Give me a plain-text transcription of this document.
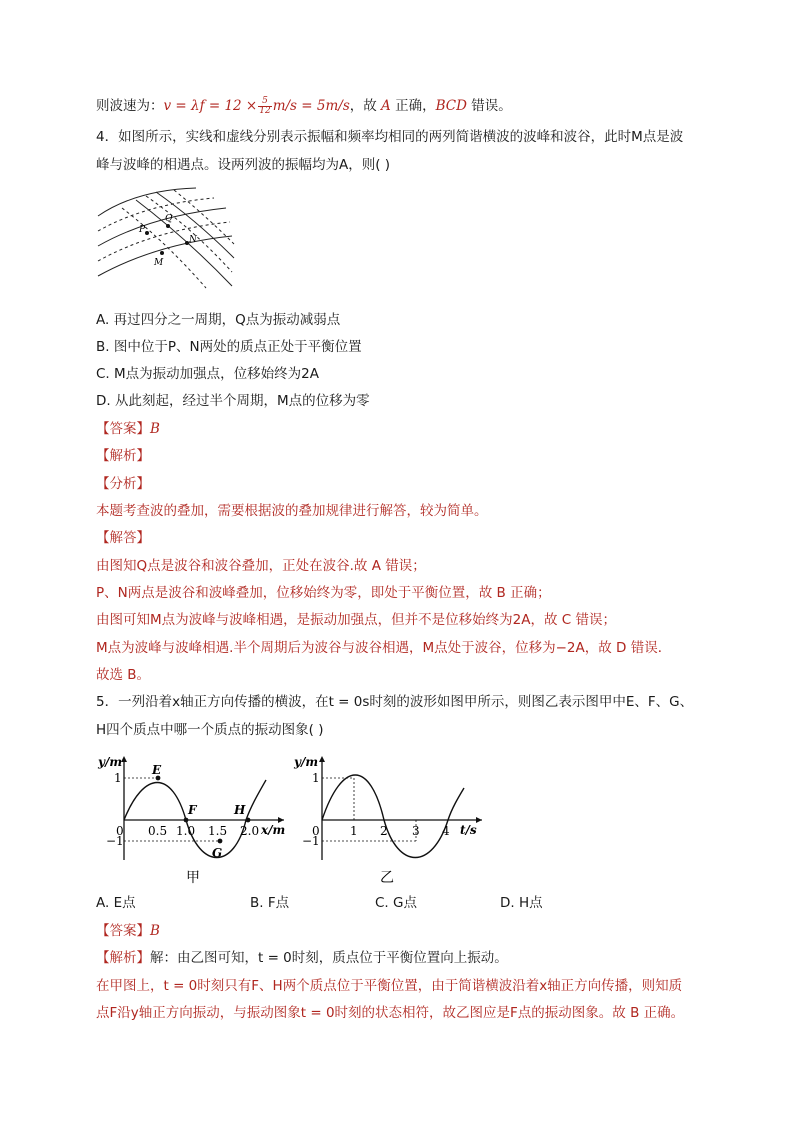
则波速为：$v = \lambda f = 12 \times \frac{5}{12} m/s = 5m/s$，故 A 正确，BCD 错误。
4．如图所示，实线和虚线分别表示振幅和频率均相同的两列简谐横波的波峰和波谷，此时M点是波
峰与波峰的相遇点。设两列波的振幅均为A，则( )
P
Q
N
M
A. 再过四分之一周期，Q点为振动减弱点
B. 图中位于P、N两处的质点正处于平衡位置
C. M点为振动加强点，位移始终为2A
D. 从此刻起，经过半个周期，M点的位移为零
【答案】B
【解析】
【分析】
本题考查波的叠加，需要根据波的叠加规律进行解答，较为简单。
【解答】
由图知Q点是波谷和波谷叠加，正处在波谷.故 A 错误；
P、N两点是波谷和波峰叠加，位移始终为零，即处于平衡位置，故 B 正确；
由图可知M点为波峰与波峰相遇，是振动加强点，但并不是位移始终为2A，故 C 错误；
M点为波峰与波峰相遇.半个周期后为波谷与波谷相遇，M点处于波谷，位移为−2A，故 D 错误．
故选 B。
5．一列沿着x轴正方向传播的横波，在t = 0s时刻的波形如图甲所示，则图乙表示图甲中E、F、G、
H四个质点中哪一个质点的振动图象( )
y/m
x/m
1
0
−1
0.5 1.0 1.5 2.0
E
F
G
H
甲
y/m
t/s
1
0
−1
1 2 3 4
乙
A. E点	B. F点	C. G点	D. H点
【答案】B
【解析】解：由乙图可知，t = 0时刻，质点位于平衡位置向上振动。
在甲图上，t = 0时刻只有F、H两个质点位于平衡位置，由于简谐横波沿着x轴正方向传播，则知质
点F沿y轴正方向振动，与振动图象t = 0时刻的状态相符，故乙图应是F点的振动图象。故 B 正确。
